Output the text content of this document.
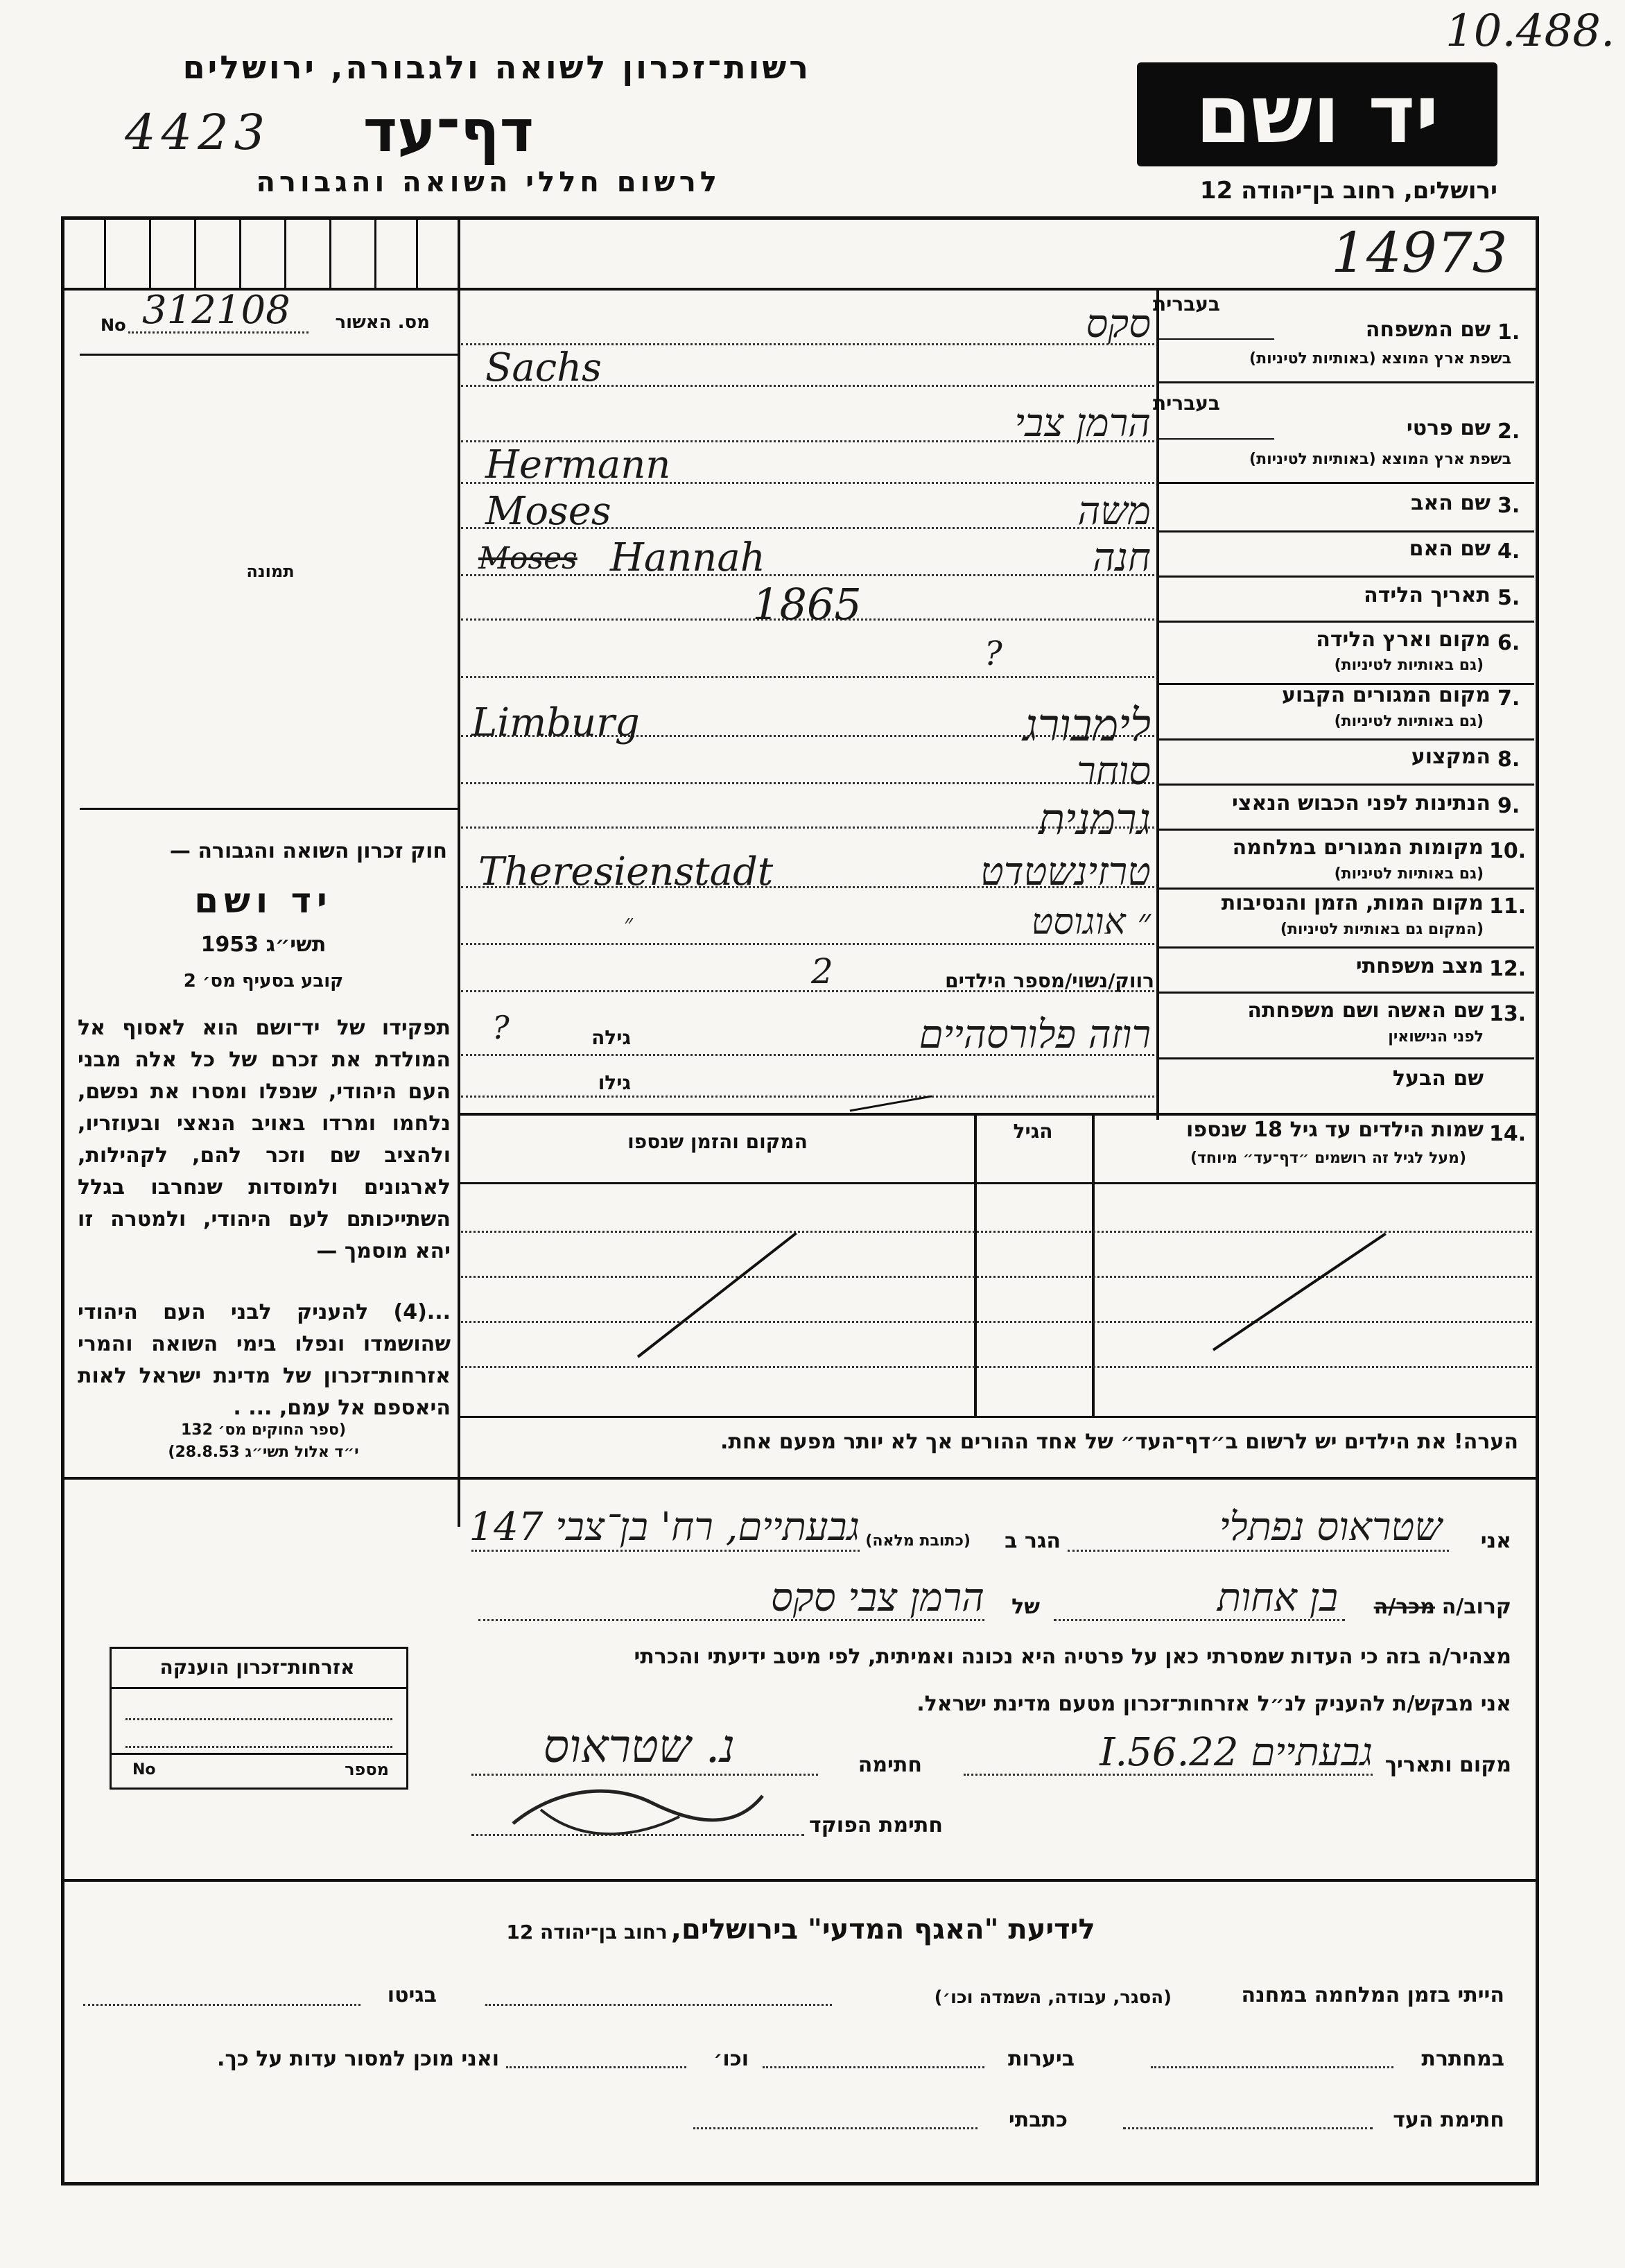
10.488.
רשות־זכרון לשואה ולגבורה, ירושלים
4423	דף־עד
לרשום חללי השואה והגבורה
יד ושם
ירושלים, רחוב בן־יהודה 12
14973
מס. האשור
No 312108
תמונה
חוק זכרון השואה והגבורה —
יד ושם
תשי״ג 1953
קובע בסעיף מס׳ 2
תפקידו של יד־ושם הוא לאסוף אל המולדת את זכרם של כל אלה מבני העם היהודי, שנפלו ומסרו את נפשם, נלחמו ומרדו באויב הנאצי ובעוזריו, ולהציב שם וזכר להם, לקהילות, לארגונים ולמוסדות שנחרבו בגלל השתייכותם לעם היהודי, ולמטרה זו יהא מוסמך —
...(4) להעניק לבני העם היהודי שהושמדו ונפלו בימי השואה והמרי אזרחות־זכרון של מדינת ישראל לאות היאספם אל עמם, ... .
(ספר החוקים מס׳ 132
י״ד אלול תשי״ג 28.8.53)
בעברית
1.
שם המשפחה
בשפת ארץ המוצא (באותיות לטיניות)
בעברית
2.
שם פרטי
בשפת ארץ המוצא (באותיות לטיניות)
3.
שם האב
4.
שם האם
5.
תאריך הלידה
6.
מקום וארץ הלידה
(גם באותיות לטיניות)
7.
מקום המגורים הקבוע
(גם באותיות לטיניות)
8.
המקצוע
9.
הנתינות לפני הכבוש הנאצי
10.
מקומות המגורים במלחמה
(גם באותיות לטיניות)
11.
מקום המות, הזמן והנסיבות
(המקום גם באותיות לטיניות)
12.
מצב משפחתי
13.
שם האשה ושם משפחתה
לפני הנישואין
שם הבעל
סקס
Sachs
הרמן צבי
Hermann
משה
Moses
חנה
Moses Hannah
1865
?
לימבורג
Limburg
סוחר
גרמנית
טרזינשטדט
Theresienstadt
״ אוגוסט
״
רווק/נשוי/מספר הילדים
2
רוזה פלורסהיים
גילה
?
גילו
14.
שמות הילדים עד גיל 18 שנספו
(מעל לגיל זה רושמים ״דף־עד״ מיוחד)
הגיל
המקום והזמן שנספו
הערה! את הילדים יש לרשום ב״דף־העד״ של אחד ההורים אך לא יותר מפעם אחת.
אני
שטראוס נפתלי
הגר ב
(כתובת מלאה)
גבעתיים, רח' בן־צבי 147
קרוב/ה
מכר/ה
בן אחות
של
הרמן צבי סקס
מצהיר/ה בזה כי העדות שמסרתי כאן על פרטיה היא נכונה ואמיתית, לפי מיטב ידיעתי והכרתי
אני מבקש/ת להעניק לנ״ל אזרחות־זכרון מטעם מדינת ישראל.
מקום ותאריך
גבעתיים 22.I.56
חתימה
נ. שטראוס
חתימת הפוקד
אזרחות־זכרון הוענקה
מספר
No
לידיעת "האגף המדעי" בירושלים, רחוב בן־יהודה 12
הייתי בזמן המלחמה במחנה
(הסגר, עבודה, השמדה וכו׳)
בגיטו
במחתרת
ביערות
וכו׳
ואני מוכן למסור עדות על כך.
חתימת העד
כתבתי
